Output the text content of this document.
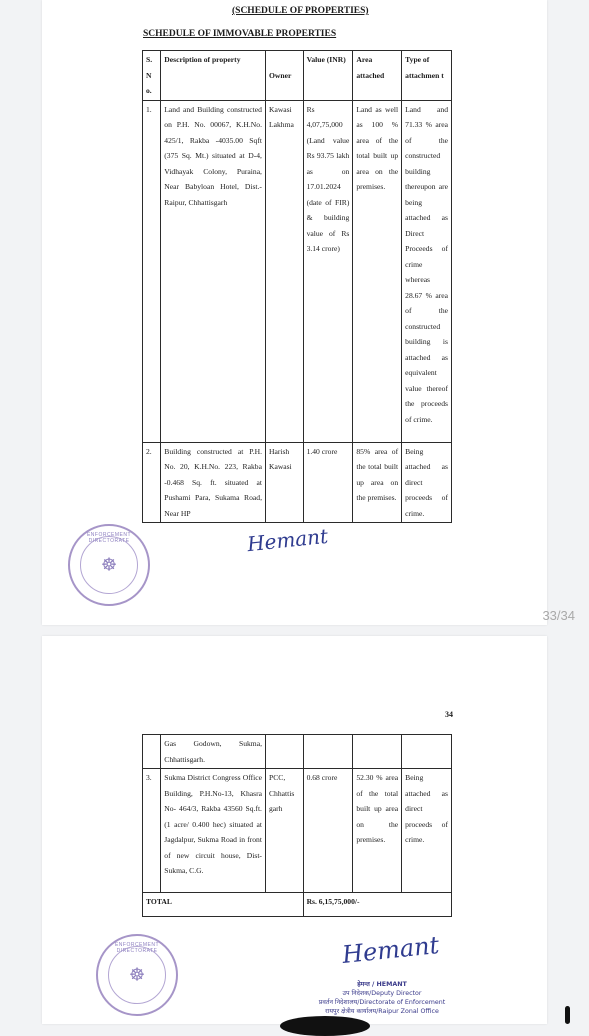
(SCHEDULE OF PROPERTIES)
SCHEDULE OF IMMOVABLE PROPERTIES
S. N o.	Description of property	Owner	Value (INR)	Area attached	Type of attachmen t
1.	Land and Building constructed on P.H. No. 00067, K.H.No. 425/1, Rakba -4035.00 Sqft (375 Sq. Mt.) situated at D-4, Vidhayak Colony, Puraina, Near Babyloan Hotel, Dist.- Raipur, Chhattisgarh	Kawasi Lakhma	Rs 4,07,75,000 (Land value Rs 93.75 lakh as on 17.01.2024 (date of FIR) & building value of Rs 3.14 crore)	Land as well as 100 % area of the total built up area on the premises.	Land and 71.33 % area of the constructed building thereupon are being attached as Direct Proceeds of crime whereas 28.67 % area of the constructed building is attached as equivalent value thereof the proceeds of crime.
2.	Building constructed at P.H. No. 20, K.H.No. 223, Rakba -0.468 Sq. ft. situated at Pushami Para, Sukama Road, Near HP	Harish Kawasi	1.40 crore	85% area of the total built up area on the premises.	Being attached as direct proceeds of crime.
☸
ENFORCEMENT DIRECTORATE	Hemant
33/34
34
	Gas Godown, Sukma, Chhattisgarh.				
3.	Sukma District Congress Office Building, P.H.No-13, Khasra No- 464/3, Rakba 43560 Sq.ft. (1 acre/ 0.400 hec) situated at Jagdalpur, Sukma Road in front of new circuit house, Dist- Sukma, C.G.	PCC, Chhattis garh	0.68 crore	52.30 % area of the total built up area on the premises.	Being attached as direct proceeds of crime.
TOTAL			Rs. 6,15,75,000/-		
☸
ENFORCEMENT DIRECTORATE	Hemant
हेमन्त / HEMANT
उप निदेशक/Deputy Director
प्रवर्तन निदेशालय/Directorate of Enforcement
रायपुर क्षेत्रीय कार्यालय/Raipur Zonal Office
